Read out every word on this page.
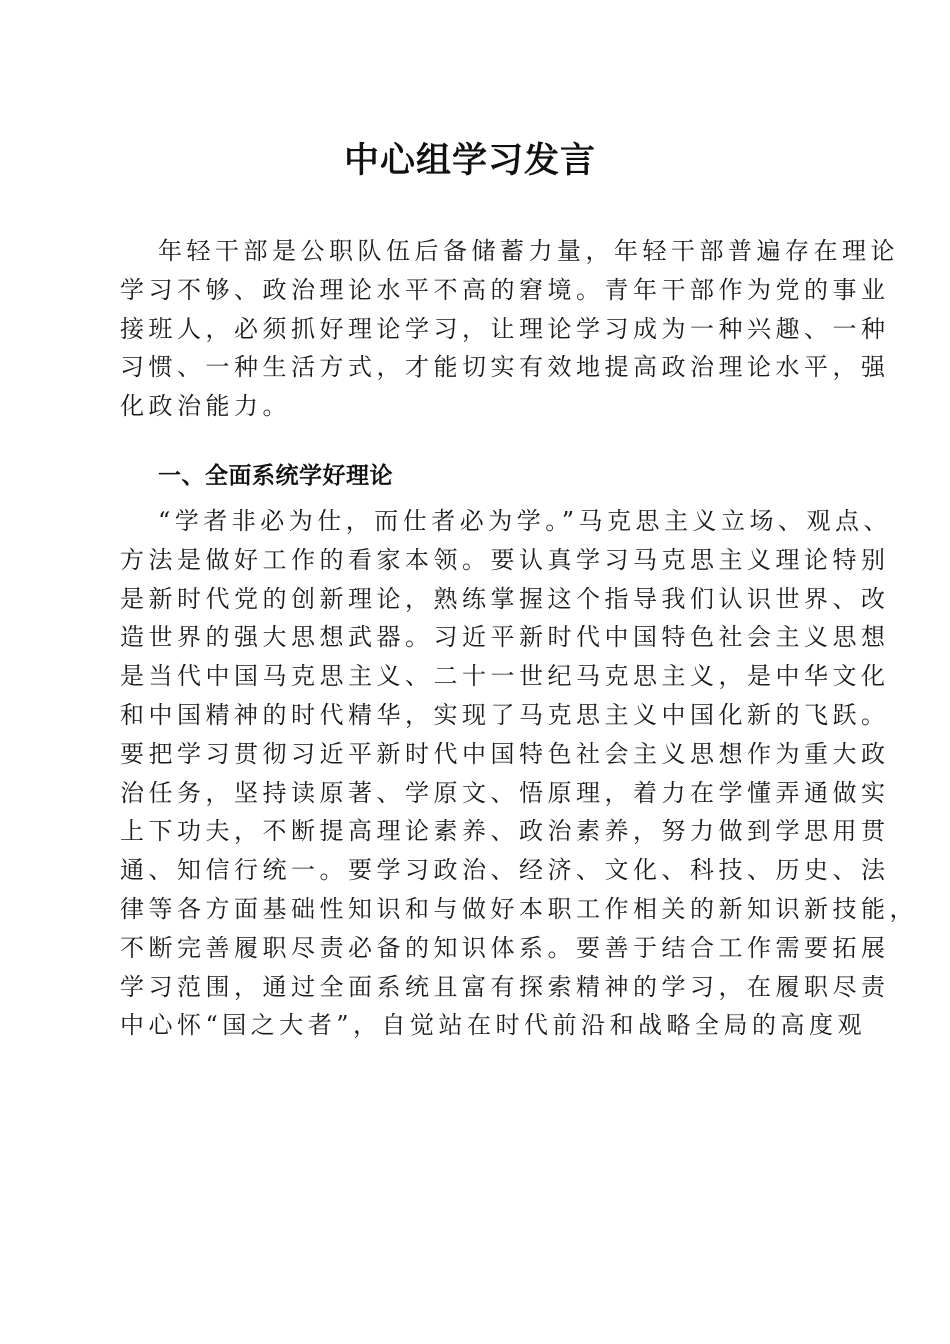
中心组学习发言
年轻干部是公职队伍后备储蓄力量，年轻干部普遍存在理论
学习不够、政治理论水平不高的窘境。青年干部作为党的事业
接班人，必须抓好理论学习，让理论学习成为一种兴趣、一种
习惯、一种生活方式，才能切实有效地提高政治理论水平，强
化政治能力。
一、全面系统学好理论
“学者非必为仕，而仕者必为学。”马克思主义立场、观点、
方法是做好工作的看家本领。要认真学习马克思主义理论特别
是新时代党的创新理论，熟练掌握这个指导我们认识世界、改
造世界的强大思想武器。习近平新时代中国特色社会主义思想
是当代中国马克思主义、二十一世纪马克思主义，是中华文化
和中国精神的时代精华，实现了马克思主义中国化新的飞跃。
要把学习贯彻习近平新时代中国特色社会主义思想作为重大政
治任务，坚持读原著、学原文、悟原理，着力在学懂弄通做实
上下功夫，不断提高理论素养、政治素养，努力做到学思用贯
通、知信行统一。要学习政治、经济、文化、科技、历史、法
律等各方面基础性知识和与做好本职工作相关的新知识新技能，
不断完善履职尽责必备的知识体系。要善于结合工作需要拓展
学习范围，通过全面系统且富有探索精神的学习，在履职尽责
中心怀“国之大者”，自觉站在时代前沿和战略全局的高度观
